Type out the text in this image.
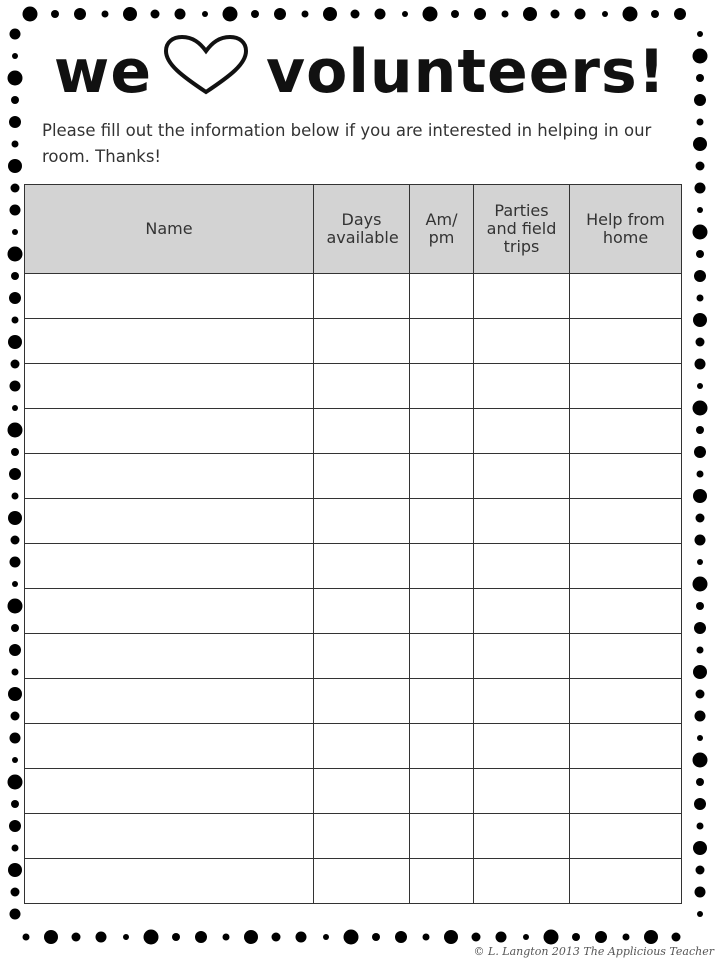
we volunteers!
Please fill out the information below if you are interested in helping in our room. Thanks!
Name	Days available	Am/ pm	Parties and field trips	Help from home

© L. Langton 2013 The Applicious Teacher
